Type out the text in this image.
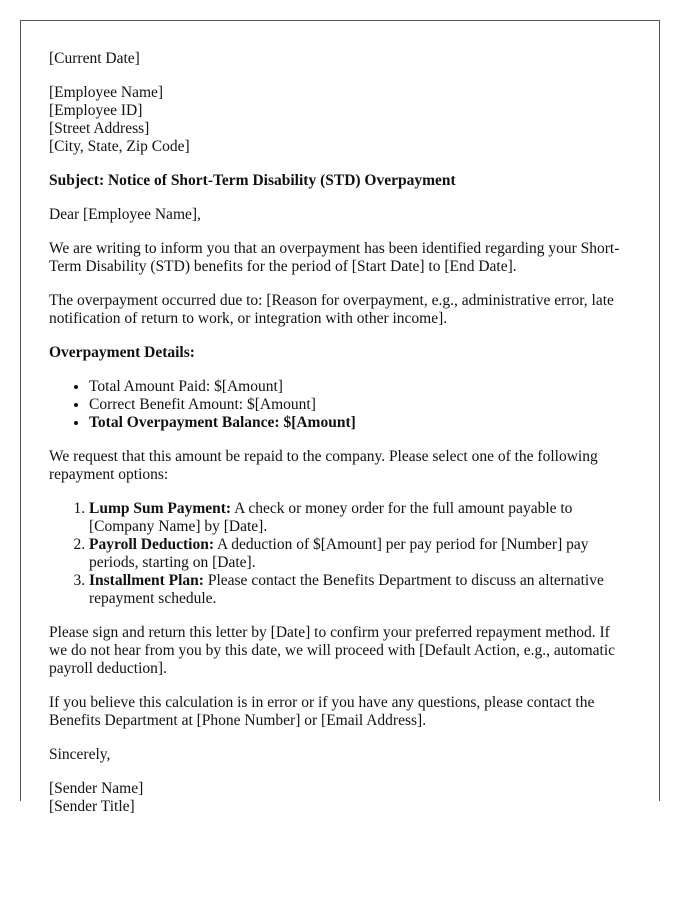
[Current Date]

[Employee Name]

[Employee ID]

[Street Address]

[City, State, Zip Code]

Subject: Notice of Short-Term Disability (STD) Overpayment

Dear [Employee Name],

We are writing to inform you that an overpayment has been identified regarding your Short-Term Disability (STD) benefits for the period of [Start Date] to [End Date].

The overpayment occurred due to: [Reason for overpayment, e.g., administrative error, late notification of return to work, or integration with other income].

Overpayment Details:

• Total Amount Paid: $[Amount]
• Correct Benefit Amount: $[Amount]
• Total Overpayment Balance: $[Amount]

We request that this amount be repaid to the company. Please select one of the following repayment options:

1. Lump Sum Payment: A check or money order for the full amount payable to [Company Name] by [Date].
2. Payroll Deduction: A deduction of $[Amount] per pay period for [Number] pay periods, starting on [Date].
3. Installment Plan: Please contact the Benefits Department to discuss an alternative repayment schedule.

Please sign and return this letter by [Date] to confirm your preferred repayment method. If we do not hear from you by this date, we will proceed with [Default Action, e.g., automatic payroll deduction].

If you believe this calculation is in error or if you have any questions, please contact the Benefits Department at [Phone Number] or [Email Address].

Sincerely,

[Sender Name]

[Sender Title]
